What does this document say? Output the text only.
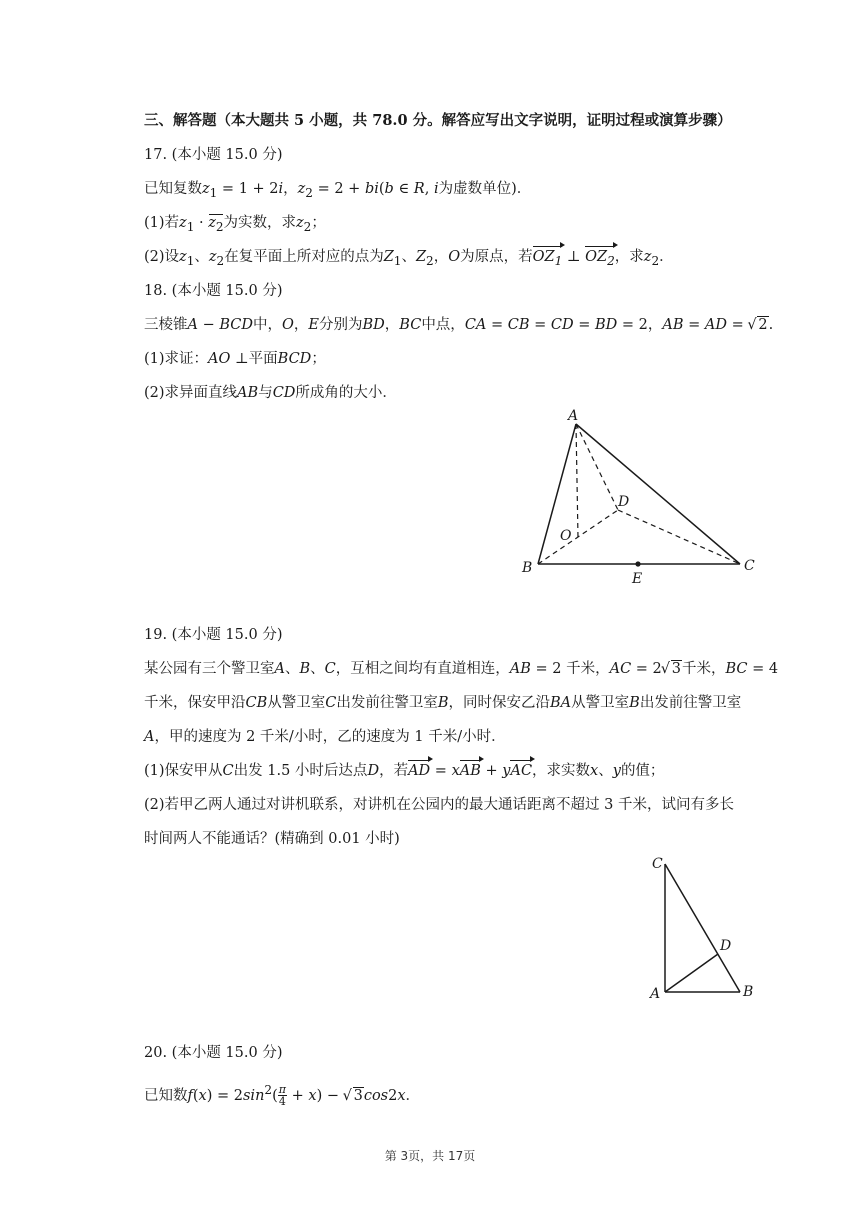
三、解答题（本大题共 5 小题，共 78.0 分。解答应写出文字说明，证明过程或演算步骤）
17. (本小题 15.0 分)
已知复数$z_1 = 1 + 2i$，$z_2 = 2 + bi(b$ ∈ R, i为虚数单位)．
(1)若$z_1 \cdot z_2$为实数，求$z_2$；
(2)设$z_1$、$z_2$在复平面上所对应的点为$Z_1$、$Z_2$，O为原点，若$OZ_1$ ⊥ $OZ_2$，求$z_2$．
18. (本小题 15.0 分)
三棱锥A − BCD中，O，E分别为BD，BC中点，CA = CB = CD = BD = 2，AB = AD = √ 2.
(1)求证：AO ⊥平面BCD；
(2)求异面直线AB与CD所成角的大小．
A
B	C
D
O
E
19. (本小题 15.0 分)
某公园有三个警卫室A、B、C，互相之间均有直道相连，AB = 2 千米，AC = 2√ 3千米，BC = 4
千米，保安甲沿CB从警卫室C出发前往警卫室B，同时保安乙沿BA从警卫室B出发前往警卫室
A，甲的速度为 2 千米/小时，乙的速度为 1 千米/小时．
(1)保安甲从C出发 1.5 小时后达点D，若AD = xAB + yAC，求实数x、y的值；
(2)若甲乙两人通过对讲机联系，对讲机在公园内的最大通话距离不超过 3 千米，试问有多长
时间两人不能通话？(精确到 0.01 小时)
C
A	B
D
20. (本小题 15.0 分)
已知数$f(x) = 2\sin^2( \frac{\pi}{4} + x)$ − √ 3cos2x．
第 3页，共 17页
